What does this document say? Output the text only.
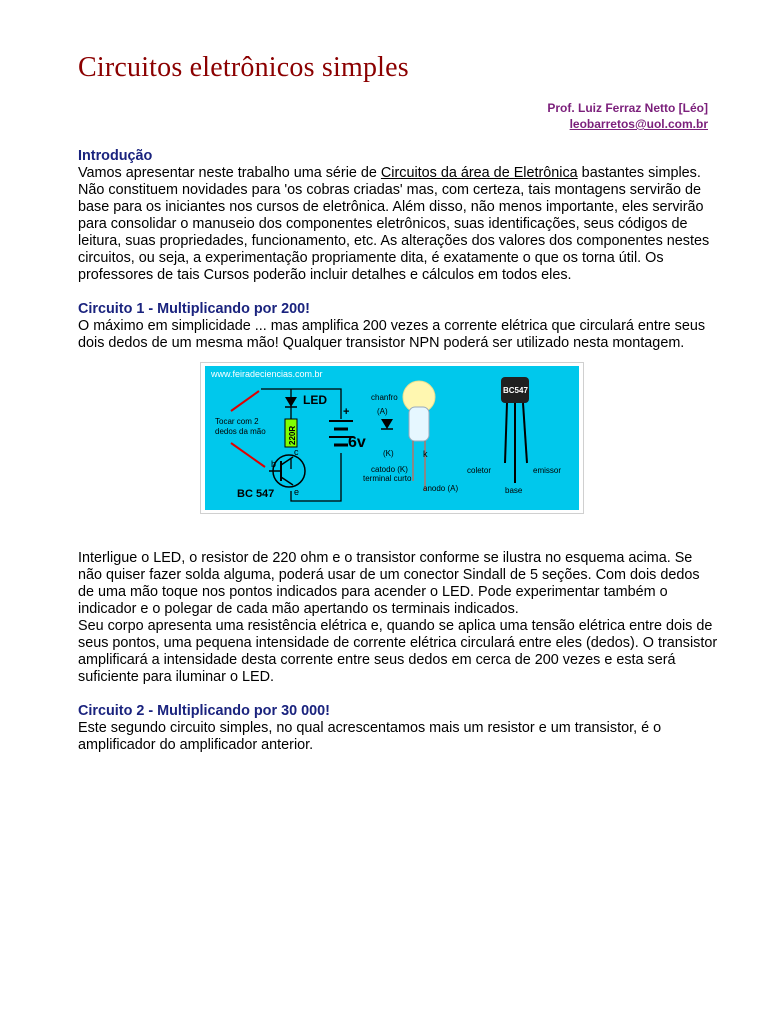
Circuitos eletrônicos simples
Prof. Luiz Ferraz Netto [Léo]
leobarretos@uol.com.br
Introdução

Vamos apresentar neste trabalho uma série de Circuitos da área de Eletrônica bastantes simples. Não constituem novidades para 'os cobras criadas' mas, com certeza, tais montagens servirão de base para os iniciantes nos cursos de eletrônica. Além disso, não menos importante, eles servirão para consolidar o manuseio dos componentes eletrônicos, suas identificações, seus códigos de leitura, suas propriedades, funcionamento, etc. As alterações dos valores dos componentes nestes circuitos, ou seja, a experimentação propriamente dita, é exatamente o que os torna útil. Os professores de tais Cursos poderão incluir detalhes e cálculos em todos eles.

Circuito 1 - Multiplicando por 200!

O máximo em simplicidade ... mas amplifica 200 vezes a corrente elétrica que circulará entre seus dois dedos de um mesma mão! Qualquer transistor NPN poderá ser utilizado nesta montagem.

www.feiradeciencias.com.br
LED
220R
+
6v
b
c
e
BC 547
Tocar com 2
dedos da mão
chanfro
(A)
(K)
catodo (K)
terminal curto
anodo (A)
k
BC547
coletor
base
emissor

Interligue o LED, o resistor de 220 ohm e o transistor conforme se ilustra no esquema acima. Se não quiser fazer solda alguma, poderá usar de um conector Sindall de 5 seções. Com dois dedos de uma mão toque nos pontos indicados para acender o LED. Pode experimentar também o indicador e o polegar de cada mão apertando os terminais indicados.

Seu corpo apresenta uma resistência elétrica e, quando se aplica uma tensão elétrica entre dois de seus pontos, uma pequena intensidade de corrente elétrica circulará entre eles (dedos). O transistor amplificará a intensidade desta corrente entre seus dedos em cerca de 200 vezes e esta será suficiente para iluminar o LED.

Circuito 2 - Multiplicando por 30 000!

Este segundo circuito simples, no qual acrescentamos mais um resistor e um transistor, é o amplificador do amplificador anterior.
